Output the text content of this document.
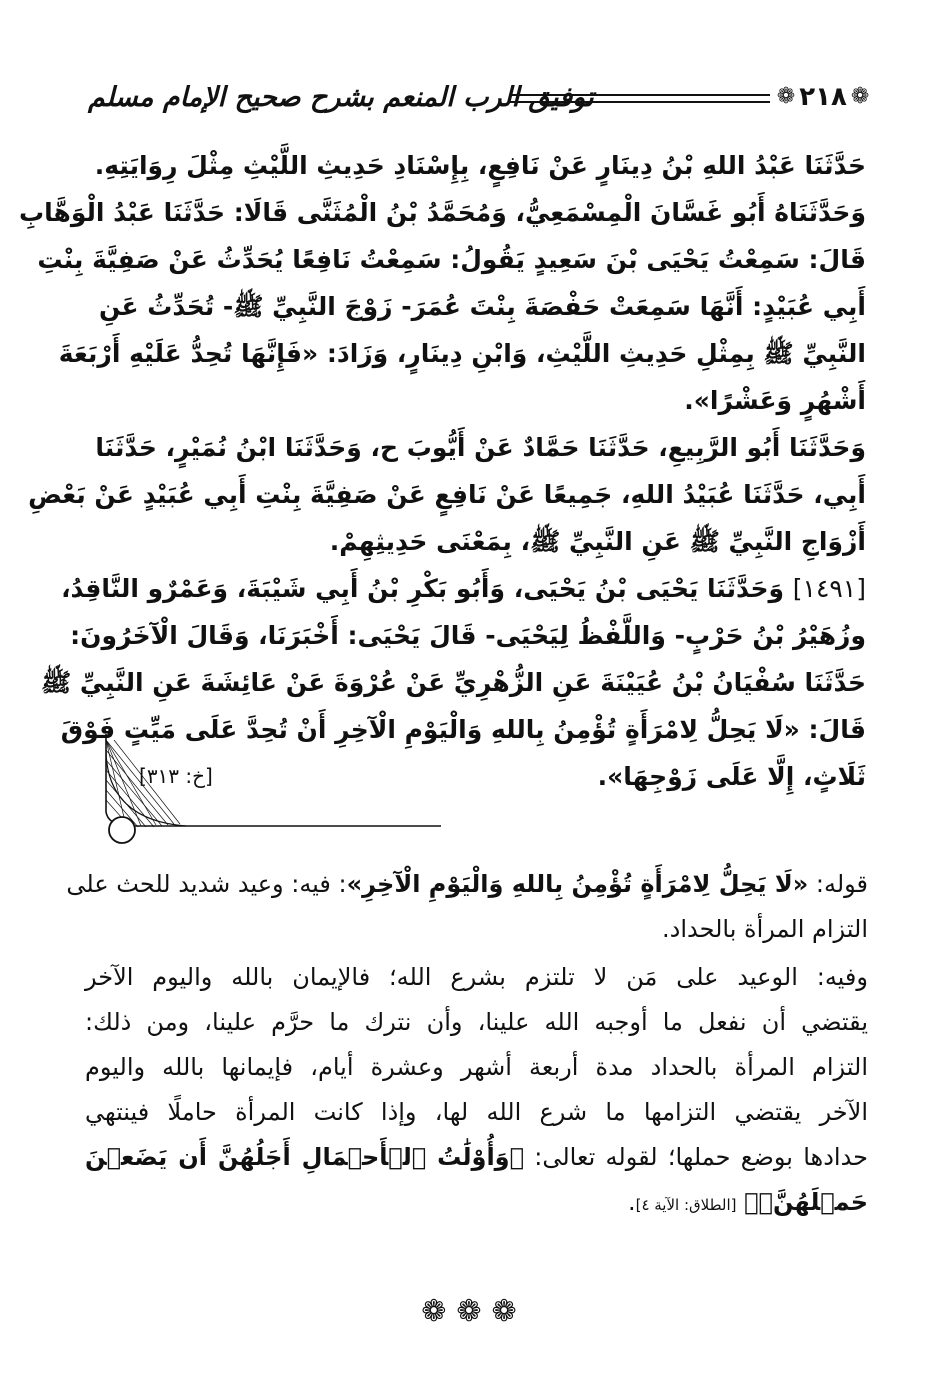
❁ ٢١٨ ❁
توفيق الرب المنعم بشرح صحيح الإمام مسلم
حَدَّثَنَا عَبْدُ اللهِ بْنُ دِينَارٍ عَنْ نَافِعٍ، بِإِسْنَادِ حَدِيثِ اللَّيْثِ مِثْلَ رِوَايَتِهِ.
وَحَدَّثَنَاهُ أَبُو غَسَّانَ الْمِسْمَعِيُّ، وَمُحَمَّدُ بْنُ الْمُثَنَّى قَالَا: حَدَّثَنَا عَبْدُ الْوَهَّابِ
قَالَ: سَمِعْتُ يَحْيَى بْنَ سَعِيدٍ يَقُولُ: سَمِعْتُ نَافِعًا يُحَدِّثُ عَنْ صَفِيَّةَ بِنْتِ
أَبِي عُبَيْدٍ: أَنَّهَا سَمِعَتْ حَفْصَةَ بِنْتَ عُمَرَ- زَوْجَ النَّبِيِّ ﷺ- تُحَدِّثُ عَنِ
النَّبِيِّ ﷺ بِمِثْلِ حَدِيثِ اللَّيْثِ، وَابْنِ دِينَارٍ، وَزَادَ: «فَإِنَّهَا تُحِدُّ عَلَيْهِ أَرْبَعَةَ
أَشْهُرٍ وَعَشْرًا».
وَحَدَّثَنَا أَبُو الرَّبِيعِ، حَدَّثَنَا حَمَّادٌ عَنْ أَيُّوبَ ح، وَحَدَّثَنَا ابْنُ نُمَيْرٍ، حَدَّثَنَا
أَبِي، حَدَّثَنَا عُبَيْدُ اللهِ، جَمِيعًا عَنْ نَافِعٍ عَنْ صَفِيَّةَ بِنْتِ أَبِي عُبَيْدٍ عَنْ بَعْضِ
أَزْوَاجِ النَّبِيِّ ﷺ عَنِ النَّبِيِّ ﷺ، بِمَعْنَى حَدِيثِهِمْ.
[١٤٩١] وَحَدَّثَنَا يَحْيَى بْنُ يَحْيَى، وَأَبُو بَكْرِ بْنُ أَبِي شَيْبَةَ، وَعَمْرٌو النَّاقِدُ،
وزُهَيْرُ بْنُ حَرْبٍ- وَاللَّفْظُ لِيَحْيَى- قَالَ يَحْيَى: أَخْبَرَنَا، وَقَالَ الْآخَرُونَ:
حَدَّثَنَا سُفْيَانُ بْنُ عُيَيْنَةَ عَنِ الزُّهْرِيِّ عَنْ عُرْوَةَ عَنْ عَائِشَةَ عَنِ النَّبِيِّ ﷺ
قَالَ: «لَا يَحِلُّ لِامْرَأَةٍ تُؤْمِنُ بِاللهِ وَالْيَوْمِ الْآخِرِ أَنْ تُحِدَّ عَلَى مَيِّتٍ فَوْقَ
ثَلَاثٍ، إِلَّا عَلَى زَوْجِهَا».
[خ: ٣١٣]
قوله: «لَا يَحِلُّ لِامْرَأَةٍ تُؤْمِنُ بِاللهِ وَالْيَوْمِ الْآخِرِ»: فيه: وعيد شديد للحث على
التزام المرأة بالحداد.
وفيه: الوعيد على مَن لا تلتزم بشرع الله؛ فالإيمان بالله واليوم الآخر
يقتضي أن نفعل ما أوجبه الله علينا، وأن نترك ما حرَّم علينا، ومن ذلك:
التزام المرأة بالحداد مدة أربعة أشهر وعشرة أيام، فإيمانها بالله واليوم
الآخر يقتضي التزامها ما شرع الله لها، وإذا كانت المرأة حاملًا فينتهي
حدادها بوضع حملها؛ لقوله تعالى: ﴿وَأُوْلَٰتُ ٱلۡأَحۡمَالِ أَجَلُهُنَّ أَن يَضَعۡنَ
حَمۡلَهُنَّۚ﴾ [الطلاق: الآية ٤].
❁❁❁
